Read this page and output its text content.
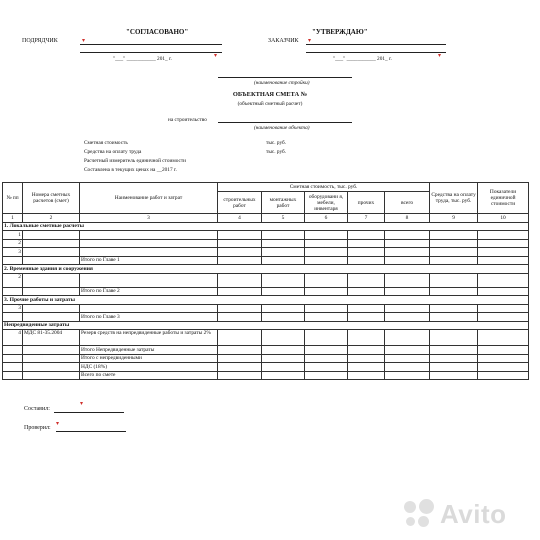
ПОДРЯДЧИК
"СОГЛАСОВАНО"
▾
▾
"___" ___________ 201_ г.
ЗАКАЗЧИК
"УТВЕРЖДАЮ"
▾
▾
"___" ___________ 201_ г.
(наименование стройки)
ОБЪЕКТНАЯ СМЕТА №
(объектный сметный расчет)
на строительство
(наименование объекта)
Сметная стоимость	тыс. руб.
Средства на оплату труда	тыс. руб.
Расчетный измеритель единичной стоимости
Составлена в текущих ценах на __2017 г.
№ пп	Номера сметных расчетов (смет)	Наименование работ и затрат	Сметная стоимость, тыс. руб.					Средства на оплату труда, тыс. руб.	Показатели единичной стоимости
			строительных работ	монтажных работ	оборудовани я, мебели, инвентаря	прочих	всего		
1	2	3	4	5	6	7	8	9	10
1. Локальные сметные расчеты									
1									
2									
3									
		Итого по Главе 1							
2. Временные здания и сооружения									
2									
		Итого по Главе 2							
3. Прочие работы и затраты									
3									
		Итого по Главе 3							
Непредвиденные затраты									
4	МДС 81-35.2004	Резерв средств на непредвиденные работы и затраты 2%							
		Итого Непредвиденные затраты							
		Итого с непредвиденными							
		НДС (18%)							
		Всего по смете							
Составил:
▾
Проверил:
▾
Avito
